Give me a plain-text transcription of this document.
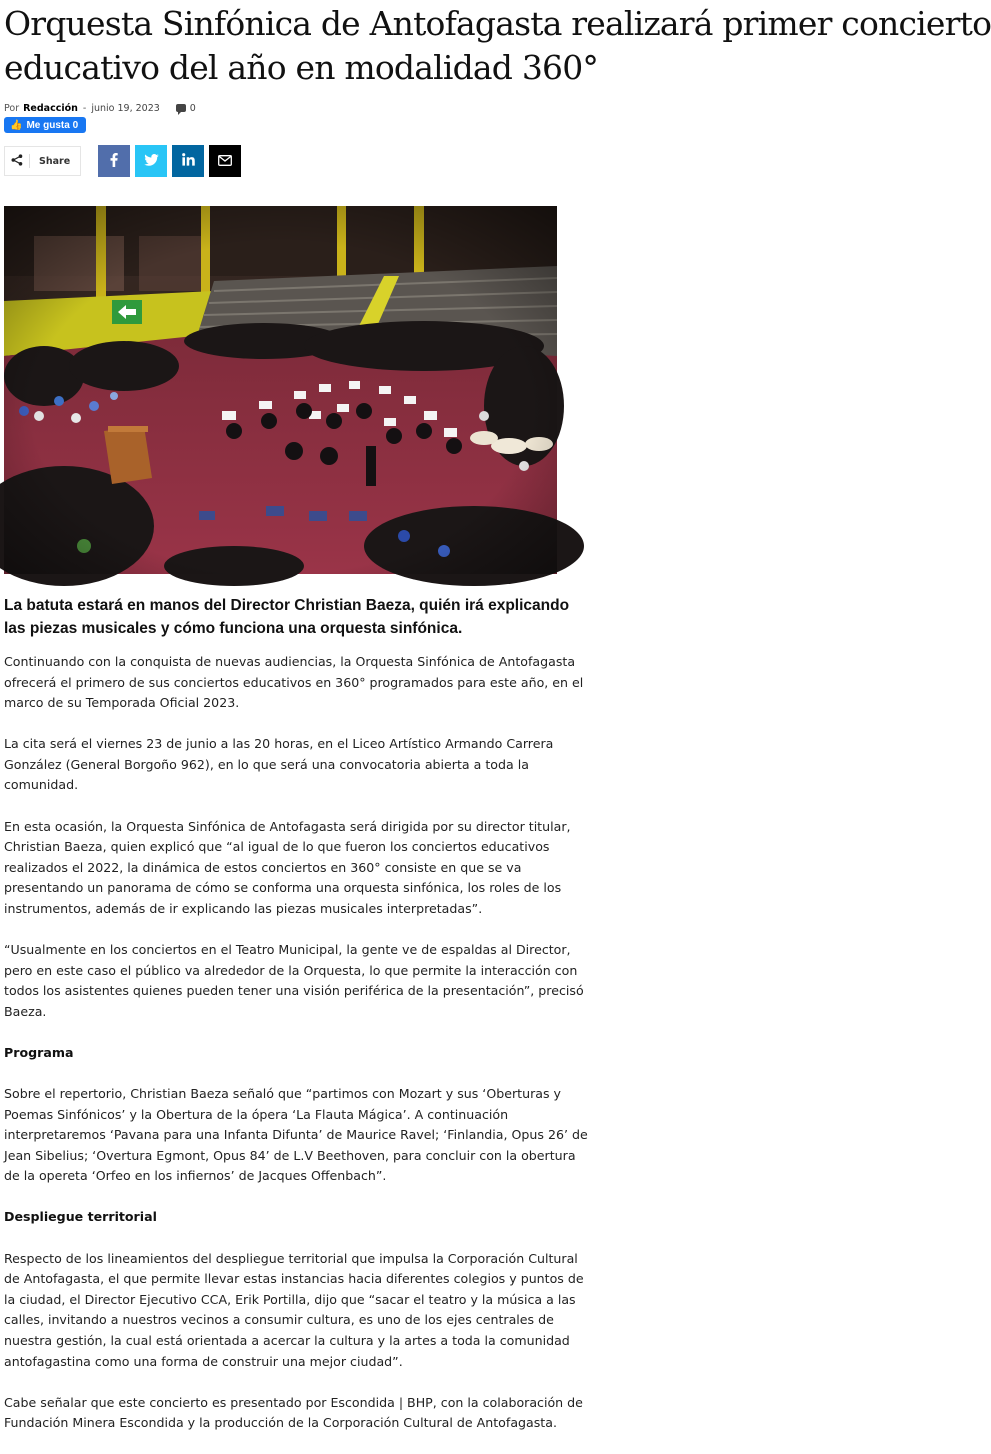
Orquesta Sinfónica de Antofagasta realizará primer concierto
educativo del año en modalidad 360°
Por Redacción - junio 19, 2023	0
👍 Me gusta 0
Share

La batuta estará en manos del Director Christian Baeza, quién irá explicando las piezas musicales y cómo funciona una orquesta sinfónica.

Continuando con la conquista de nuevas audiencias, la Orquesta Sinfónica de Antofagasta ofrecerá el primero de sus conciertos educativos en 360° programados para este año, en el marco de su Temporada Oficial 2023.

La cita será el viernes 23 de junio a las 20 horas, en el Liceo Artístico Armando Carrera González (General Borgoño 962), en lo que será una convocatoria abierta a toda la comunidad.

En esta ocasión, la Orquesta Sinfónica de Antofagasta será dirigida por su director titular, Christian Baeza, quien explicó que “al igual de lo que fueron los conciertos educativos realizados el 2022, la dinámica de estos conciertos en 360° consiste en que se va presentando un panorama de cómo se conforma una orquesta sinfónica, los roles de los instrumentos, además de ir explicando las piezas musicales interpretadas”.

“Usualmente en los conciertos en el Teatro Municipal, la gente ve de espaldas al Director, pero en este caso el público va alrededor de la Orquesta, lo que permite la interacción con todos los asistentes quienes pueden tener una visión periférica de la presentación”, precisó Baeza.

Programa

Sobre el repertorio, Christian Baeza señaló que “partimos con Mozart y sus ‘Oberturas y Poemas Sinfónicos’ y la Obertura de la ópera ‘La Flauta Mágica’. A continuación interpretaremos ‘Pavana para una Infanta Difunta’ de Maurice Ravel; ‘Finlandia, Opus 26’ de Jean Sibelius; ‘Overtura Egmont, Opus 84’ de L.V Beethoven, para concluir con la obertura de la opereta ‘Orfeo en los infiernos’ de Jacques Offenbach”.

Despliegue territorial

Respecto de los lineamientos del despliegue territorial que impulsa la Corporación Cultural de Antofagasta, el que permite llevar estas instancias hacia diferentes colegios y puntos de la ciudad, el Director Ejecutivo CCA, Erik Portilla, dijo que “sacar el teatro y la música a las calles, invitando a nuestros vecinos a consumir cultura, es uno de los ejes centrales de nuestra gestión, la cual está orientada a acercar la cultura y la artes a toda la comunidad antofagastina como una forma de construir una mejor ciudad”.

Cabe señalar que este concierto es presentado por Escondida | BHP, con la colaboración de Fundación Minera Escondida y la producción de la Corporación Cultural de Antofagasta.
